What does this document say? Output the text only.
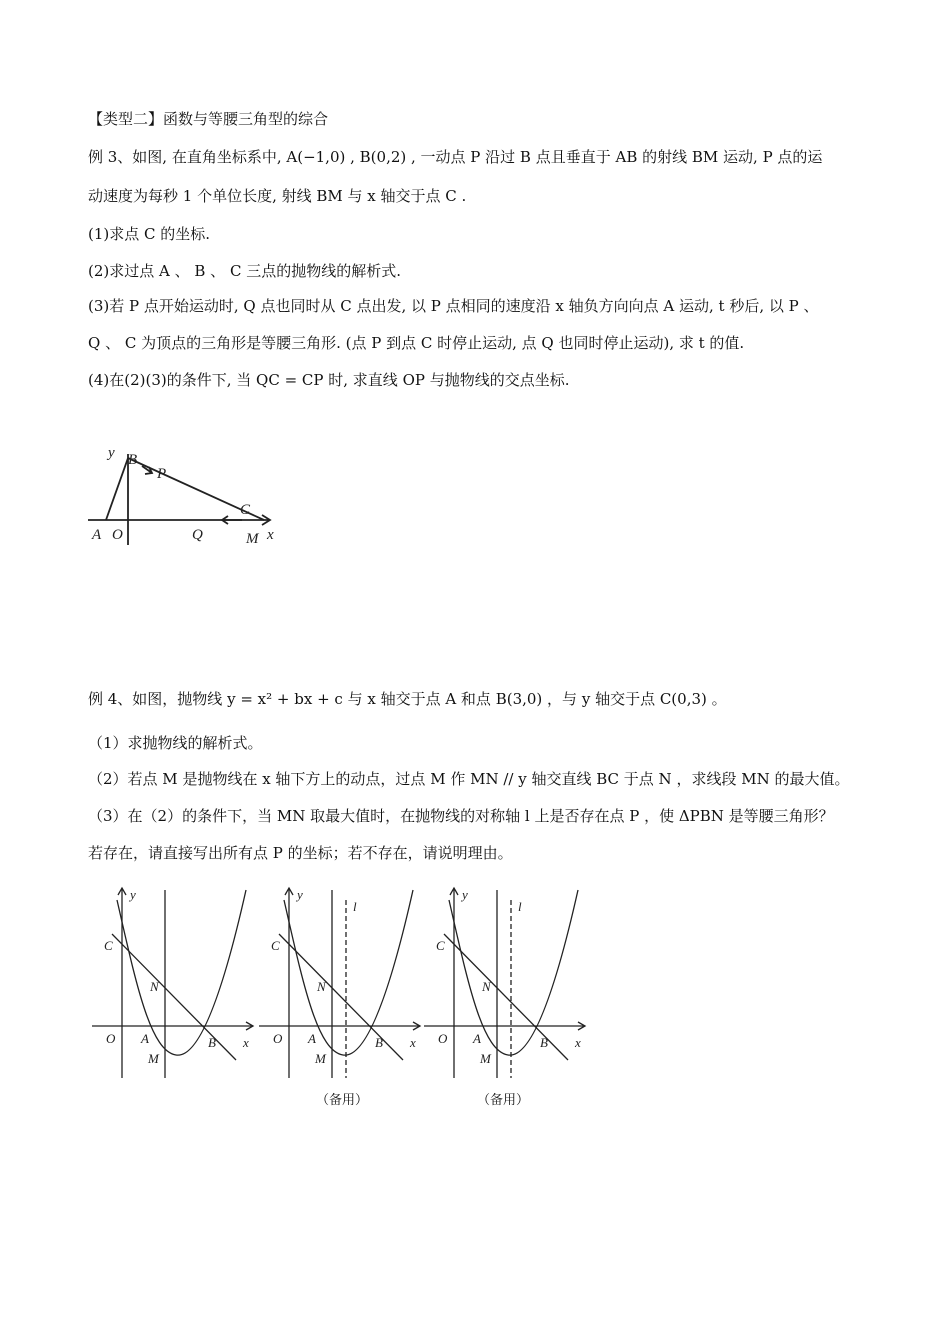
【类型二】函数与等腰三角型的综合
例 3、如图, 在直角坐标系中, A(−1,0) , B(0,2) , 一动点 P 沿过 B 点且垂直于 AB 的射线 BM 运动, P 点的运
动速度为每秒 1 个单位长度, 射线 BM 与 x 轴交于点 C .
(1)求点 C 的坐标.
(2)求过点 A 、 B 、 C 三点的抛物线的解析式.
(3)若 P 点开始运动时, Q 点也同时从 C 点出发, 以 P 点相同的速度沿 x 轴负方向向点 A 运动, t 秒后, 以 P 、
Q 、 C 为顶点的三角形是等腰三角形. (点 P 到点 C 时停止运动, 点 Q 也同时停止运动), 求 t 的值.
(4)在(2)(3)的条件下, 当 QC = CP 时, 求直线 OP 与抛物线的交点坐标.
y B
P
C
A O	Q	M x
例 4、如图，抛物线 y = x² + bx + c 与 x 轴交于点 A 和点 B(3,0) ，与 y 轴交于点 C(0,3) 。
（1）求抛物线的解析式。
（2）若点 M 是抛物线在 x 轴下方上的动点，过点 M 作 MN // y 轴交直线 BC 于点 N ，求线段 MN 的最大值。
（3）在（2）的条件下，当 MN 取最大值时，在抛物线的对称轴 l 上是否存在点 P ，使 ΔPBN 是等腰三角形？
若存在，请直接写出所有点 P 的坐标；若不存在，请说明理由。
y
C
N
O A
M
B x
y
l
C
N
O A
M
B x
y
l
C
N
O A
M
B x
（备用）	（备用）
